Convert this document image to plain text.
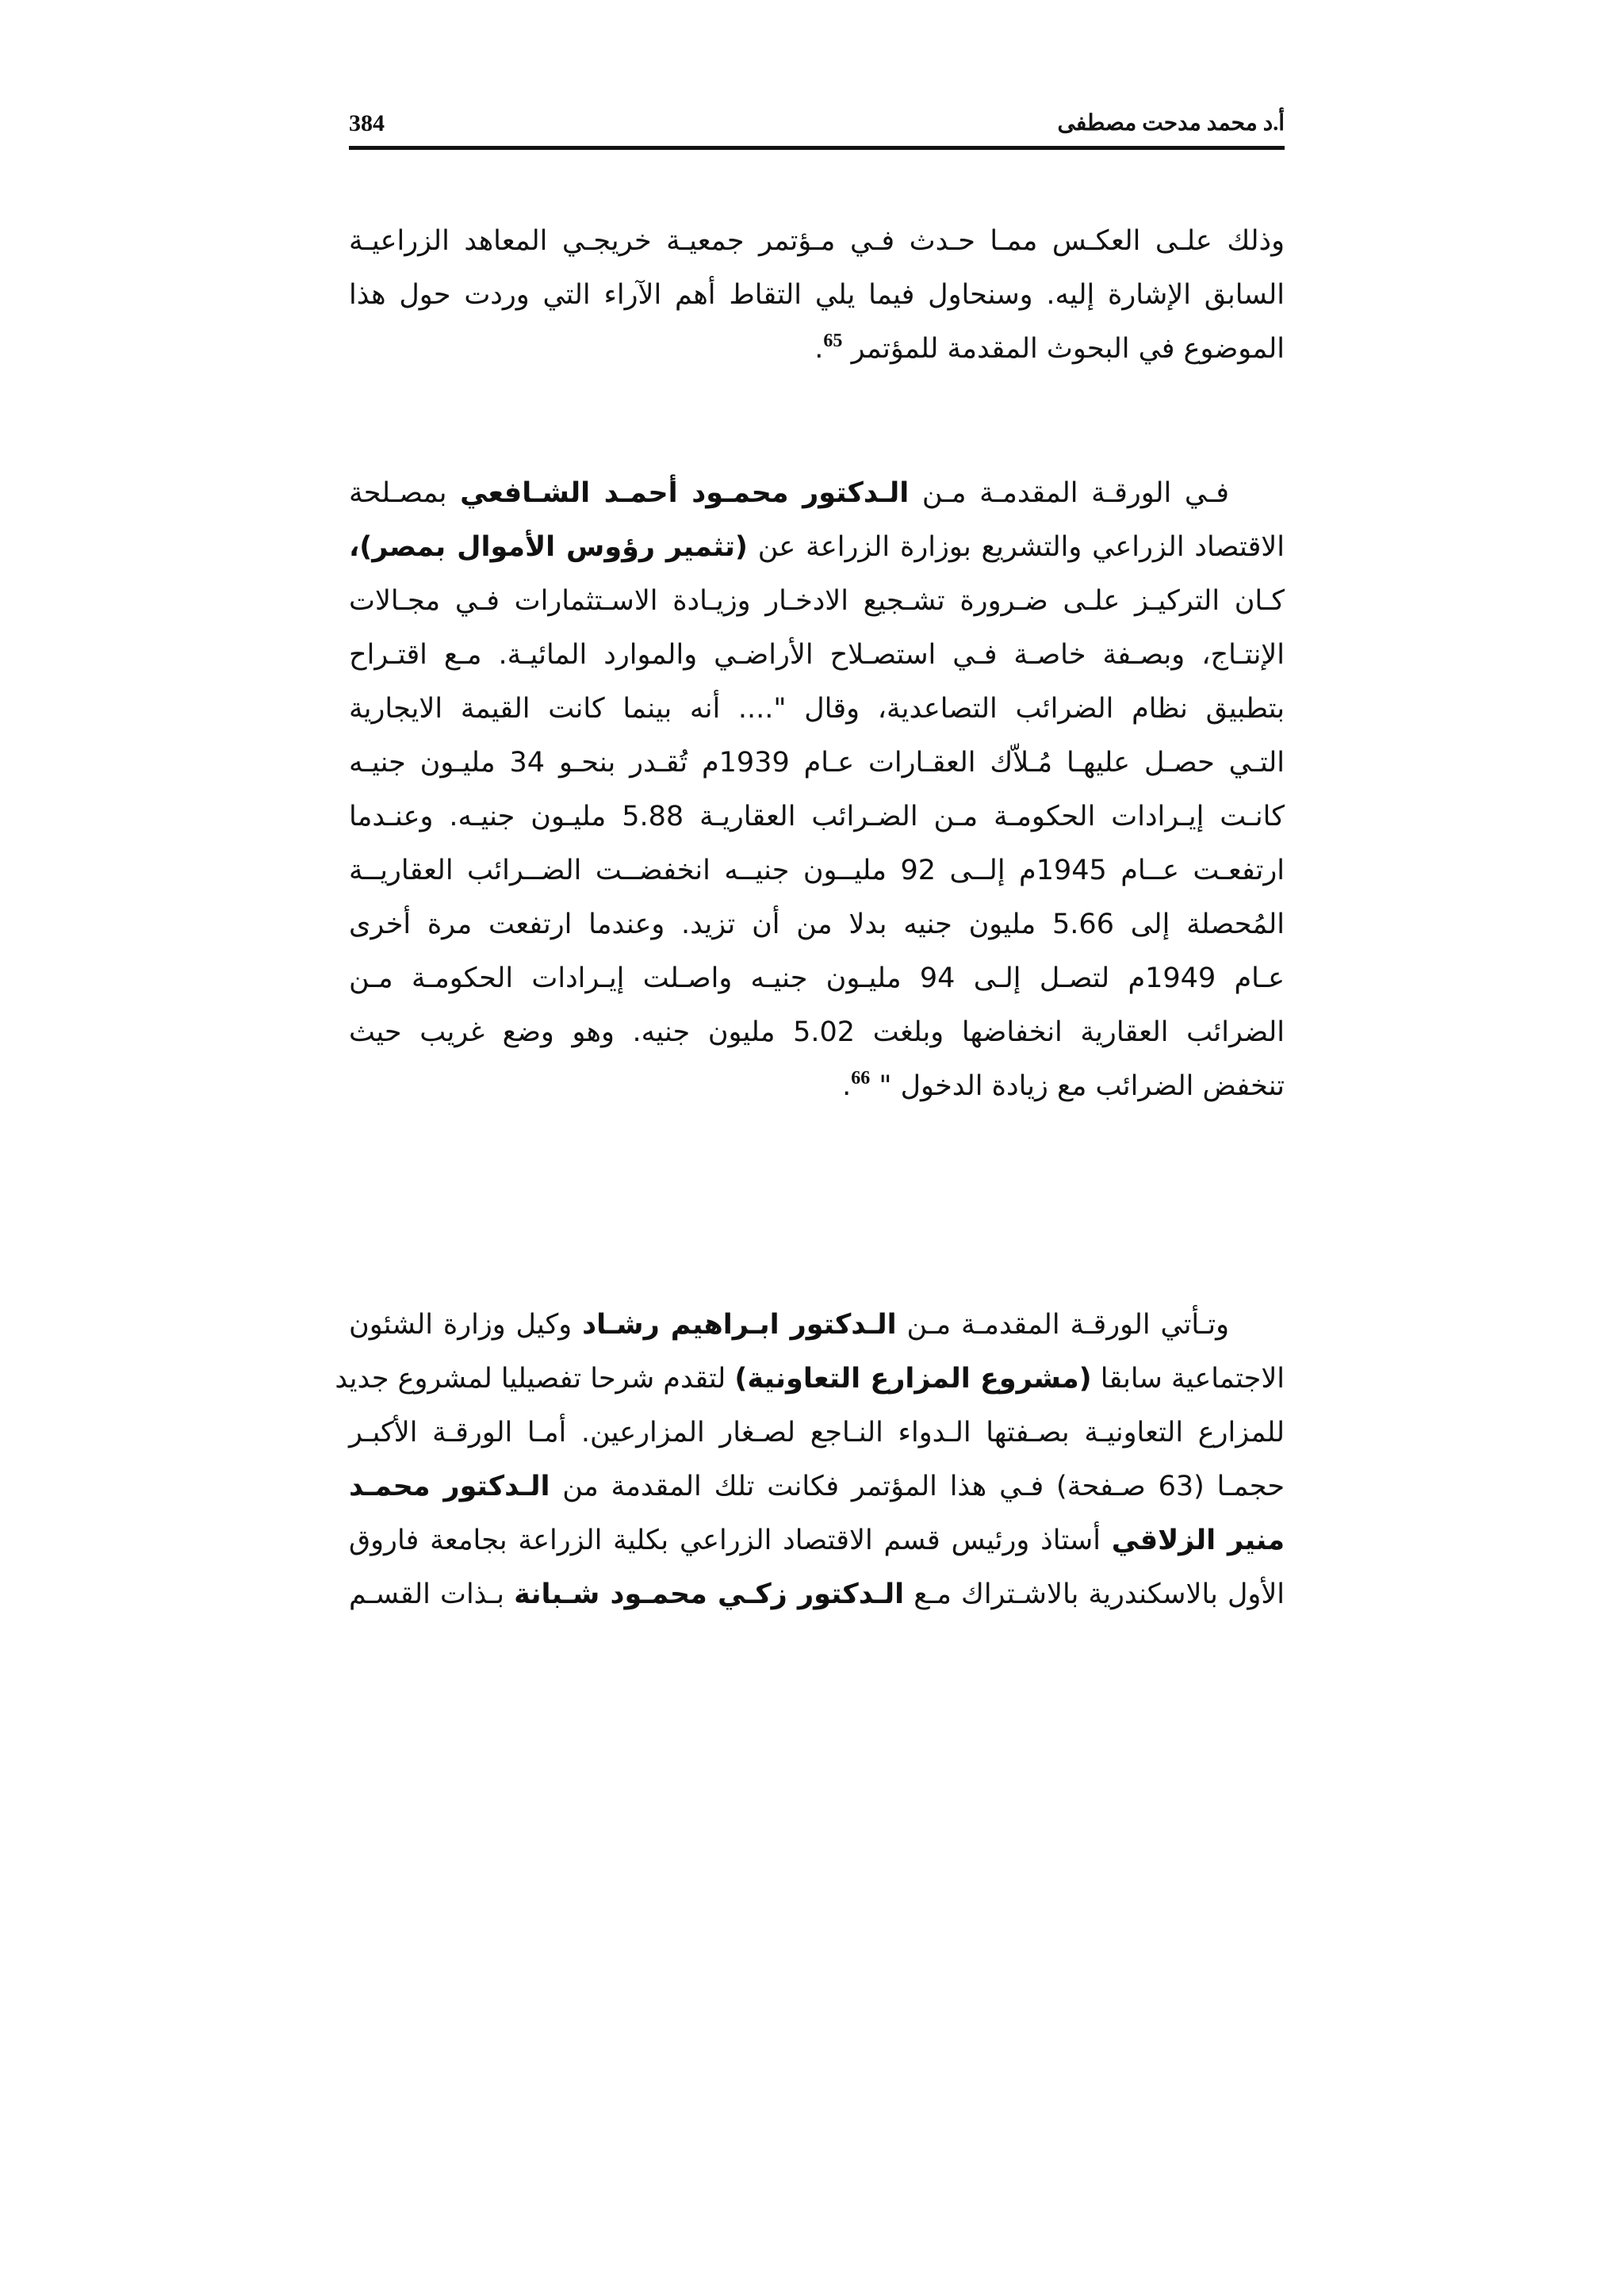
384	أ.د محمد مدحت مصطفى

وذلك علـى العكـس ممـا حـدث فـي مـؤتمر جمعيـة خريجـي المعاهد الزراعيـة
السابق الإشارة إليه. وسنحاول فيما يلي التقاط أهم الآراء التي وردت حول هذا
الموضوع في البحوث المقدمة للمؤتمر $^{65}$.

فـي الورقـة المقدمـة مـن الـدكتور محمـود أحمـد الشـافعي بمصـلحة
الاقتصاد الزراعي والتشريع بوزارة الزراعة عن (تثمير رؤوس الأموال بمصر)،
كـان التركيـز علـى ضـرورة تشـجيع الادخـار وزيـادة الاسـتثمارات فـي مجـالات
الإنتـاج، وبصـفة خاصـة فـي استصـلاح الأراضـي والموارد المائيـة. مـع اقتـراح
بتطبيق نظام الضرائب التصاعدية، وقال ".... أنه بينما كانت القيمة الايجارية
التـي حصـل عليهـا مُـلاّك العقـارات عـام 1939م تُقـدر بنحـو 34 مليـون جنيـه
كانـت إيـرادات الحكومـة مـن الضـرائب العقاريـة 5.88 مليـون جنيـه. وعنـدما
ارتفعـت عــام 1945م إلــى 92 مليــون جنيــه انخفضــت الضــرائب العقاريــة
المُحصلة إلى 5.66 مليون جنيه بدلا من أن تزيد. وعندما ارتفعت مرة أخرى
عـام 1949م لتصـل إلـى 94 مليـون جنيـه واصـلت إيـرادات الحكومـة مـن
الضرائب العقارية انخفاضها وبلغت 5.02 مليون جنيه. وهو وضع غريب حيث
تنخفض الضرائب مع زيادة الدخول " $^{66}$.

وتـأتي الورقـة المقدمـة مـن الـدكتور ابـراهيم رشـاد وكيل وزارة الشئون
الاجتماعية سابقا (مشروع المزارع التعاونية) لتقدم شرحا تفصيليا لمشروع جديد
للمزارع التعاونيـة بصـفتها الـدواء النـاجع لصـغار المزارعين. أمـا الورقـة الأكبـر
حجمـا (63 صـفحة) فـي هذا المؤتمر فكانت تلك المقدمة من الـدكتور محمـد
منير الزلاقي أستاذ ورئيس قسم الاقتصاد الزراعي بكلية الزراعة بجامعة فاروق
الأول بالاسكندرية بالاشـتراك مـع الـدكتور زكـي محمـود شـبانة بـذات القسـم
